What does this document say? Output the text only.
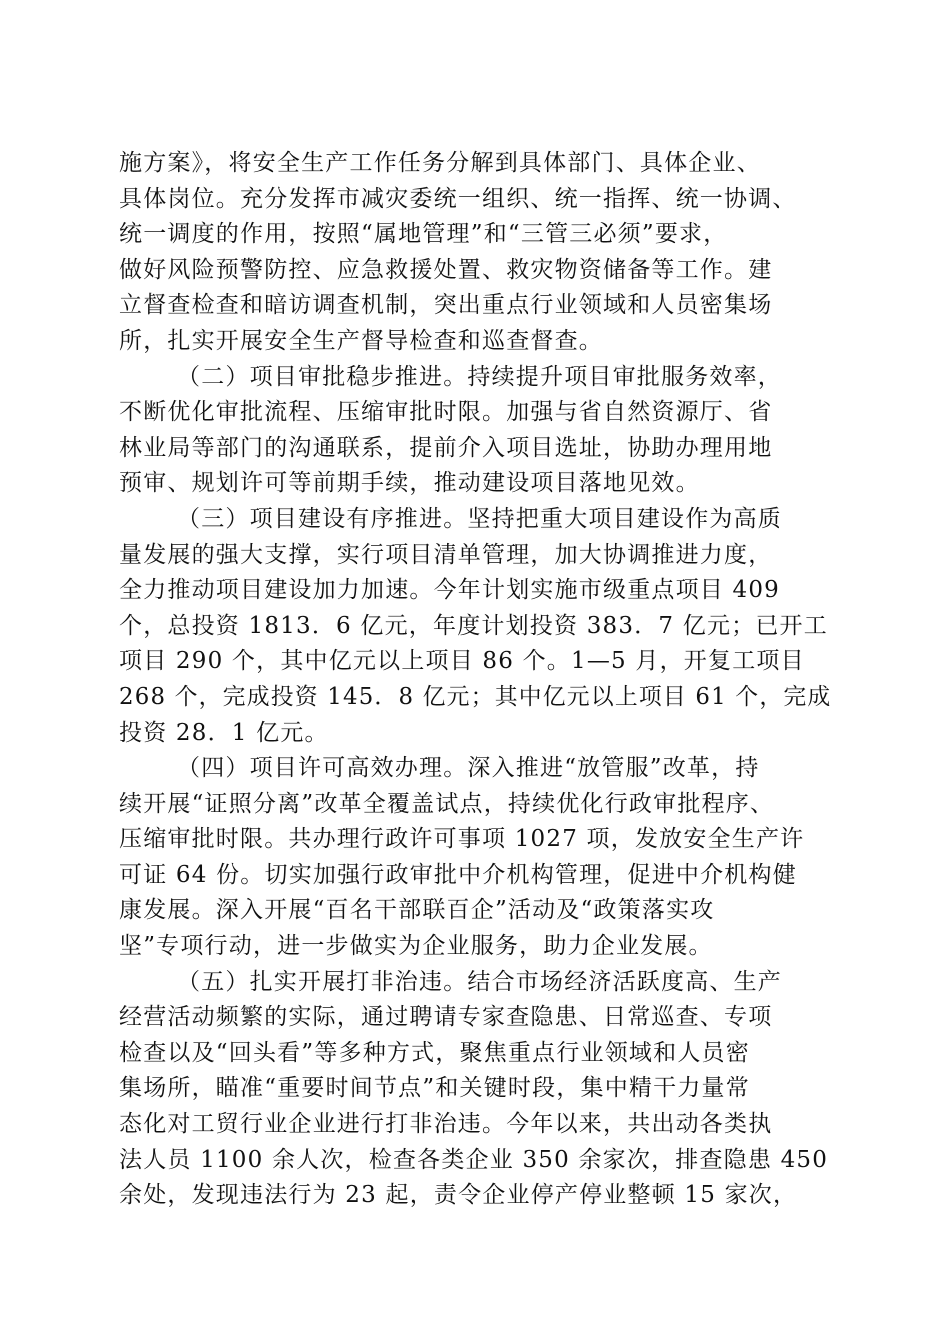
施方案》，将安全生产工作任务分解到具体部门、具体企业、
具体岗位。充分发挥市减灾委统一组织、统一指挥、统一协调、
统一调度的作用，按照“属地管理”和“三管三必须”要求，
做好风险预警防控、应急救援处置、救灾物资储备等工作。建
立督查检查和暗访调查机制，突出重点行业领域和人员密集场
所，扎实开展安全生产督导检查和巡查督查。
（二）项目审批稳步推进。持续提升项目审批服务效率，
不断优化审批流程、压缩审批时限。加强与省自然资源厅、省
林业局等部门的沟通联系，提前介入项目选址，协助办理用地
预审、规划许可等前期手续，推动建设项目落地见效。
（三）项目建设有序推进。坚持把重大项目建设作为高质
量发展的强大支撑，实行项目清单管理，加大协调推进力度，
全力推动项目建设加力加速。今年计划实施市级重点项目 409
个，总投资 1813．6 亿元，年度计划投资 383．7 亿元；已开工
项目 290 个，其中亿元以上项目 86 个。1—5 月，开复工项目
268 个，完成投资 145．8 亿元；其中亿元以上项目 61 个，完成
投资 28．1 亿元。
（四）项目许可高效办理。深入推进“放管服”改革，持
续开展“证照分离”改革全覆盖试点，持续优化行政审批程序、
压缩审批时限。共办理行政许可事项 1027 项，发放安全生产许
可证 64 份。切实加强行政审批中介机构管理，促进中介机构健
康发展。深入开展“百名干部联百企”活动及“政策落实攻
坚”专项行动，进一步做实为企业服务，助力企业发展。
（五）扎实开展打非治违。结合市场经济活跃度高、生产
经营活动频繁的实际，通过聘请专家查隐患、日常巡查、专项
检查以及“回头看”等多种方式，聚焦重点行业领域和人员密
集场所，瞄准“重要时间节点”和关键时段，集中精干力量常
态化对工贸行业企业进行打非治违。今年以来，共出动各类执
法人员 1100 余人次，检查各类企业 350 余家次，排查隐患 450
余处，发现违法行为 23 起，责令企业停产停业整顿 15 家次，
